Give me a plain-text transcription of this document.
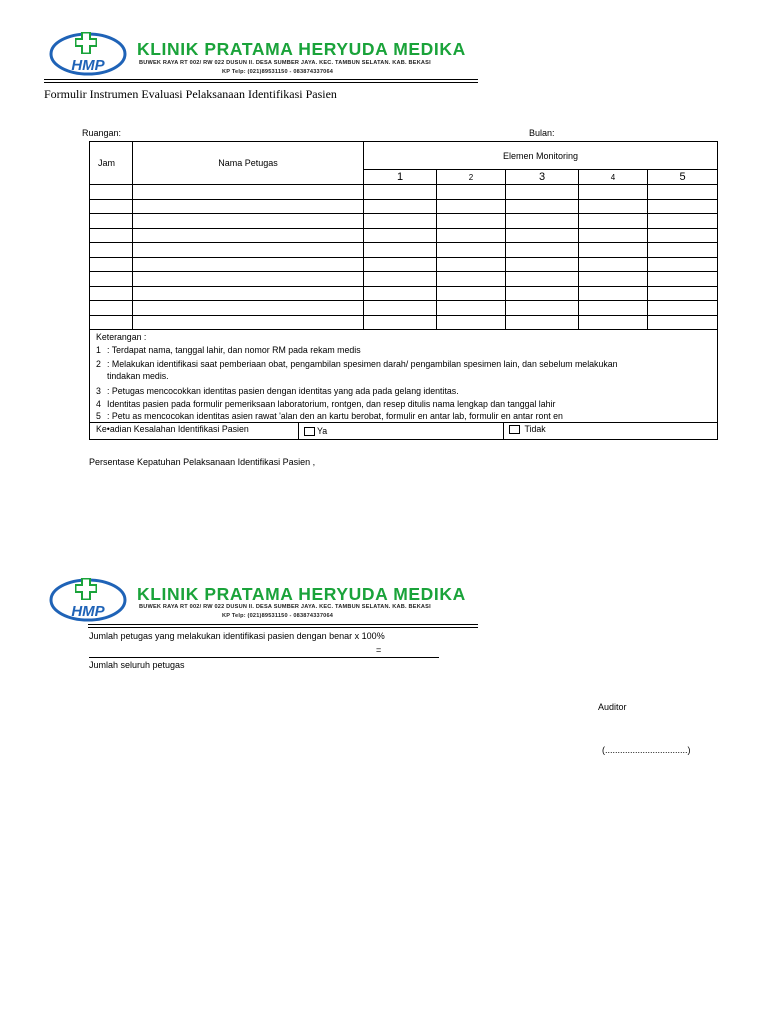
HMP
KLINIK PRATAMA HERYUDA MEDIKA
BUWEK RAYA RT 002/ RW 022 DUSUN II. DESA SUMBER JAYA. KEC. TAMBUN SELATAN. KAB. BEKASI
KP Telp: (021)89531150 - 083874337064
Formulir Instrumen Evaluasi Pelaksanaan Identifikasi Pasien
Ruangan:	Bulan:
Jam	Nama Petugas	Elemen Monitoring				
		1	2	3	4	5

Keterangan :
1 : Terdapat nama, tanggal lahir, dan nomor RM pada rekam medis
2 : Melakukan identifikasi saat pemberiaan obat, pengambilan spesimen darah/ pengambilan spesimen lain, dan sebelum melakukan
tindakan medis.
3 : Petugas mencocokkan identitas pasien dengan identitas yang ada pada gelang identitas.
4 Identitas pasien pada formulir pemeriksaan laboratorium, rontgen, dan resep ditulis nama lengkap dan tanggal lahir
5 : Petu as mencocokan identitas asien rawat 'alan den an kartu berobat, formulir en antar lab, formulir en antar ront en
Ke•adian Kesalahan Identifikasi Pasien	Ya	Tidak
Persentase Kepatuhan Pelaksanaan Identifikasi Pasien ,
HMP
KLINIK PRATAMA HERYUDA MEDIKA
BUWEK RAYA RT 002/ RW 022 DUSUN II. DESA SUMBER JAYA. KEC. TAMBUN SELATAN. KAB. BEKASI
KP Telp: (021)89531150 - 083874337064
Jumlah petugas yang melakukan identifikasi pasien dengan benar x 100%
=
Jumlah seluruh petugas
Auditor
(.................................)
